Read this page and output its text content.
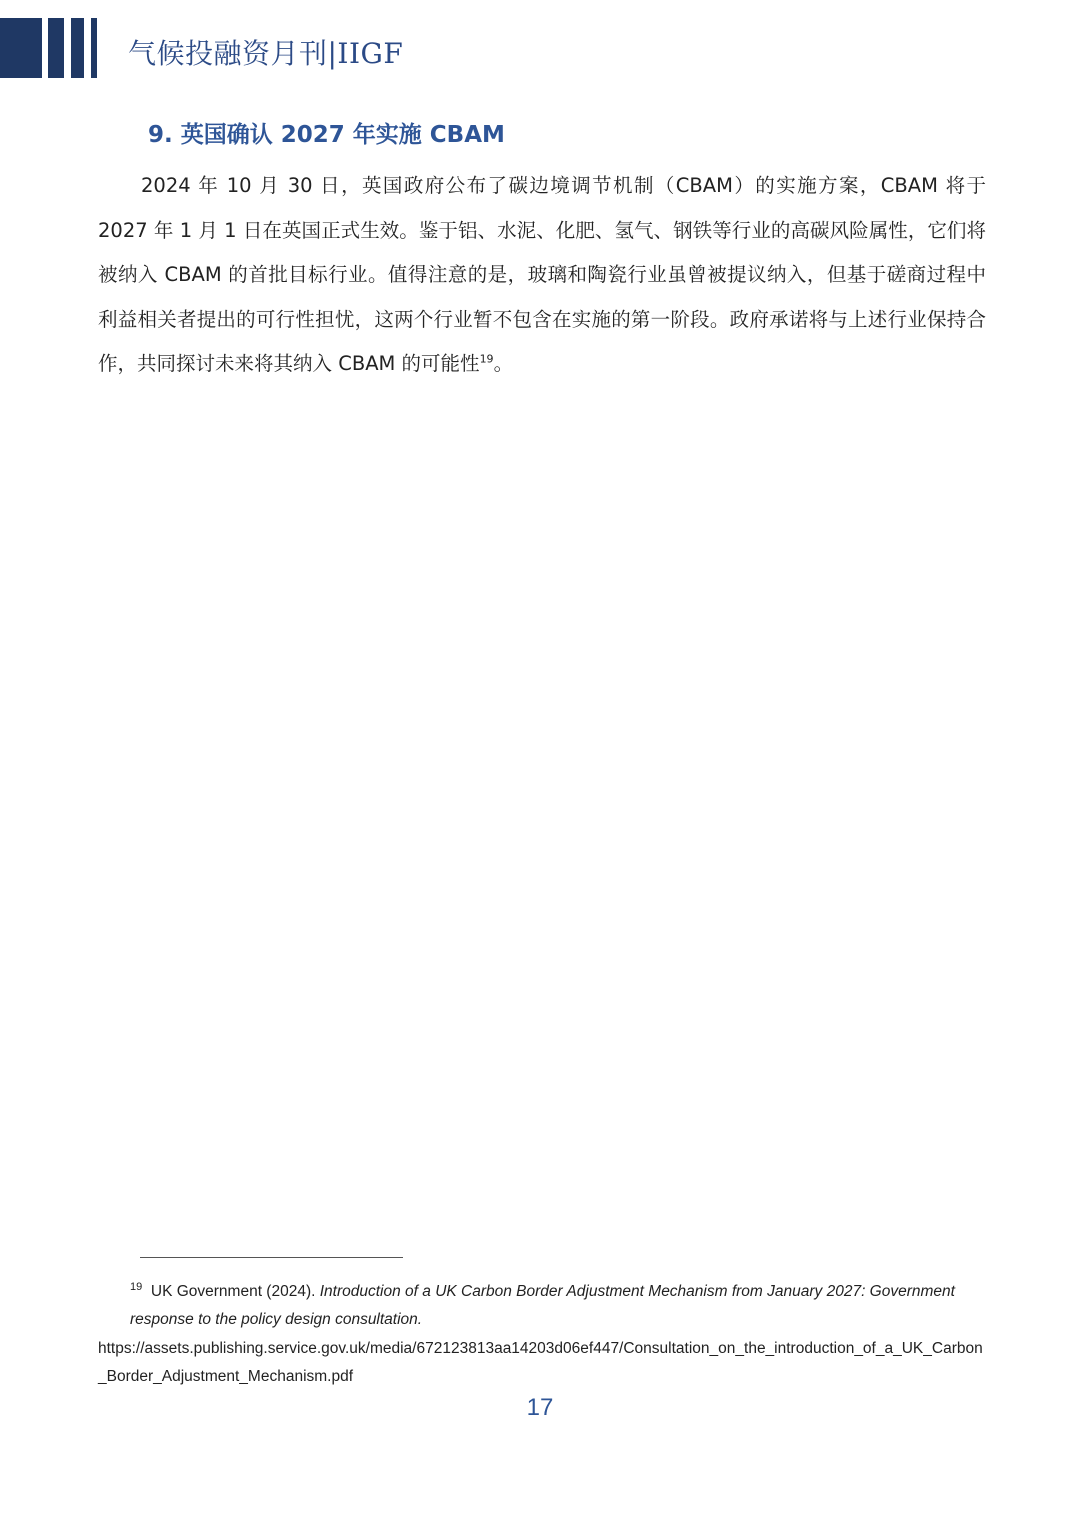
气候投融资月刊|IIGF
9. 英国确认 2027 年实施 CBAM
2024 年 10 月 30 日，英国政府公布了碳边境调节机制（CBAM）的实施方案，CBAM 将于 2027 年 1 月 1 日在英国正式生效。鉴于铝、水泥、化肥、氢气、钢铁等行业的高碳风险属性，它们将被纳入 CBAM 的首批目标行业。值得注意的是，玻璃和陶瓷行业虽曾被提议纳入，但基于磋商过程中利益相关者提出的可行性担忧，这两个行业暂不包含在实施的第一阶段。政府承诺将与上述行业保持合作，共同探讨未来将其纳入 CBAM 的可能性$^{19}$。
$^{19}$ UK Government (2024). Introduction of a UK Carbon Border Adjustment Mechanism from January 2027: Government response to the policy design consultation.
https://assets.publishing.service.gov.uk/media/672123813aa14203d06ef447/Consultation_on_the_introduction_of_a_UK_Carbon_Border_Adjustment_Mechanism.pdf
17
